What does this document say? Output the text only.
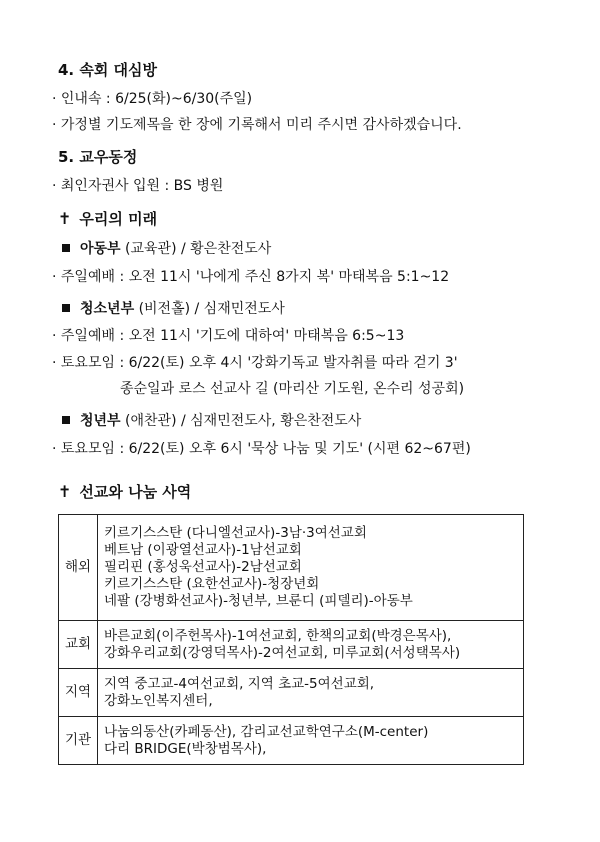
4. 속회 대심방
· 인내속 : 6/25(화)~6/30(주일)
· 가정별 기도제목을 한 장에 기록해서 미리 주시면 감사하겠습니다.
5. 교우동정
· 최인자권사 입원 : BS 병원
✝ 우리의 미래
아동부 (교육관) / 황은찬전도사
· 주일예배 : 오전 11시 '나에게 주신 8가지 복' 마태복음 5:1~12
청소년부 (비전홀) / 심재민전도사
· 주일예배 : 오전 11시 '기도에 대하여' 마태복음 6:5~13
· 토요모임 : 6/22(토) 오후 4시 '강화기독교 발자취를 따라 걷기 3'
종순일과 로스 선교사 길 (마리산 기도원, 온수리 성공회)
청년부 (애찬관) / 심재민전도사, 황은찬전도사
· 토요모임 : 6/22(토) 오후 6시 '묵상 나눔 및 기도' (시편 62~67편)
✝ 선교와 나눔 사역
해외	키르기스스탄 (다니엘선교사)-3남·3여선교회
베트남 (이광열선교사)-1남선교회
필리핀 (홍성욱선교사)-2남선교회
키르기스스탄 (요한선교사)-청장년회
네팔 (강병화선교사)-청년부, 브룬디 (피델리)-아동부

교회	바른교회(이주헌목사)-1여선교회, 한책의교회(박경은목사),
강화우리교회(강영덕목사)-2여선교회, 미루교회(서성택목사)

지역	지역 중고교-4여선교회, 지역 초교-5여선교회,
강화노인복지센터,

기관	나눔의동산(카페동산), 감리교선교학연구소(M-center)
다리 BRIDGE(박창범목사),
